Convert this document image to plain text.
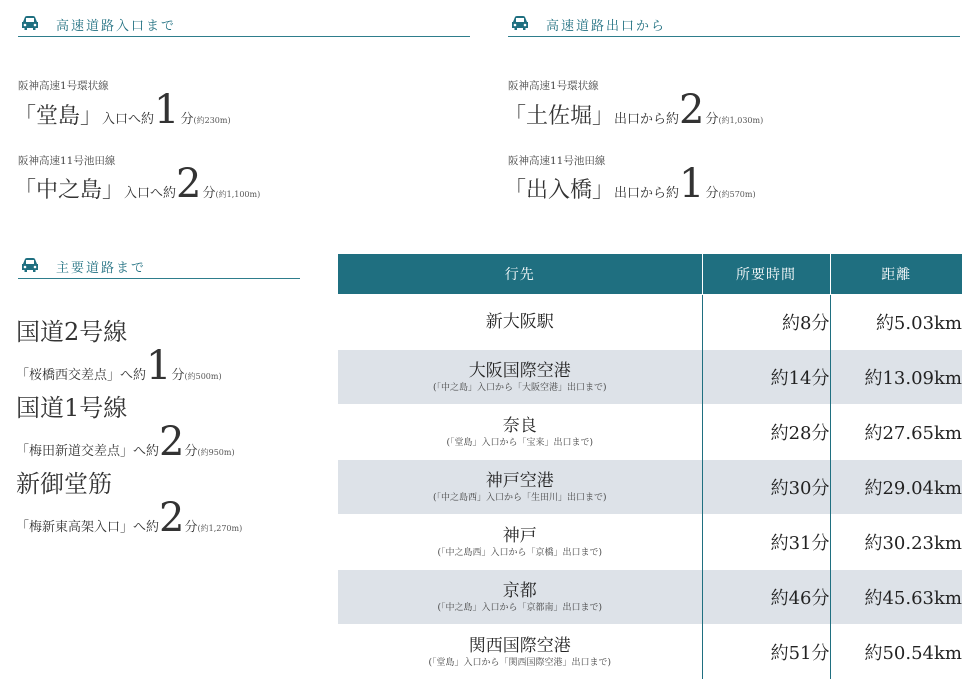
高速道路入口まで
阪神高速1号環状線
「堂島」入口へ約1分(約230m)
阪神高速11号池田線
「中之島」入口へ約2分(約1,100m)
高速道路出口から
阪神高速1号環状線
「土佐堀」出口から約2分(約1,030m)
阪神高速11号池田線
「出入橋」出口から約1分(約570m)
主要道路まで
国道2号線
「桜橋西交差点」へ約1分(約500m)
国道1号線
「梅田新道交差点」へ約2分(約950m)
新御堂筋
「梅新東高架入口」へ約2分(約1,270m)
行先	所要時間	距離

新大阪駅	約8分	約5.03km

大阪国際空港
(「中之島」入口から「大阪空港」出口まで)	約14分	約13.09km

奈良
(「堂島」入口から「宝来」出口まで)	約28分	約27.65km

神戸空港
(「中之島西」入口から「生田川」出口まで)	約30分	約29.04km

神戸
(「中之島西」入口から「京橋」出口まで)	約31分	約30.23km

京都
(「中之島」入口から「京都南」出口まで)	約46分	約45.63km

関西国際空港
(「堂島」入口から「関西国際空港」出口まで)	約51分	約50.54km
